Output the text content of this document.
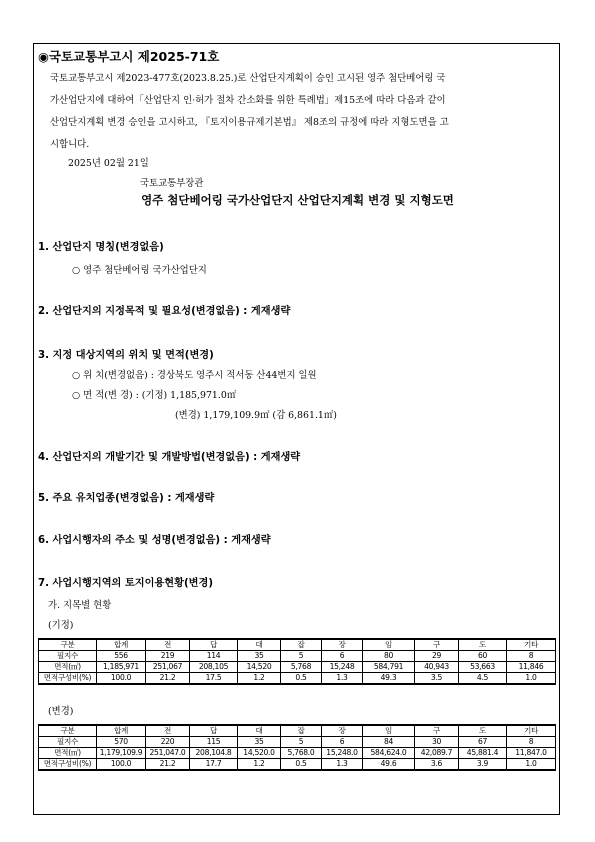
◉국토교통부고시 제2025-71호
국토교통부고시 제2023-477호(2023.8.25.)로 산업단지계획이 승인 고시된 영주 첨단베어링 국
가산업단지에 대하여「산업단지 인·허가 절차 간소화를 위한 특례법」제15조에 따라 다음과 같이
산업단지계획 변경 승인을 고시하고, 『토지이용규제기본법』 제8조의 규정에 따라 지형도면을 고
시합니다.
2025년 02월 21일
국토교통부장관
영주 첨단베어링 국가산업단지 산업단지계획 변경 및 지형도면
1. 산업단지 명칭(변경없음)
○ 영주 첨단베어링 국가산업단지
2. 산업단지의 지정목적 및 필요성(변경없음) : 게재생략
3. 지정 대상지역의 위치 및 면적(변경)
○ 위 치(변경없음) : 경상북도 영주시 적서동 산44번지 일원
○ 면 적(변 경) : (기정) 1,185,971.0㎡
(변경) 1,179,109.9㎡ (감 6,861.1㎡)
4. 산업단지의 개발기간 및 개발방법(변경없음) : 게재생략
5. 주요 유치업종(변경없음) : 게재생략
6. 사업시행자의 주소 및 성명(변경없음) : 게재생략
7. 사업시행지역의 토지이용현황(변경)
가. 지목별 현황
(기정)
구분	합계	전	답	대	잡	장	임	구	도	기타
필지수	556	219	114	35	5	6	80	29	60	8
면적(㎡)	1,185,971	251,067	208,105	14,520	5,768	15,248	584,791	40,943	53,663	11,846
면적구성비(%)	100.0	21.2	17.5	1.2	0.5	1.3	49.3	3.5	4.5	1.0
(변경)
구분	합계	전	답	대	잡	장	임	구	도	기타
필지수	570	220	115	35	5	6	84	30	67	8
면적(㎡)	1,179,109.9	251,047.0	208,104.8	14,520.0	5,768.0	15,248.0	584,624.0	42,089.7	45,881.4	11,847.0
면적구성비(%)	100.0	21.2	17.7	1.2	0.5	1.3	49.6	3.6	3.9	1.0
